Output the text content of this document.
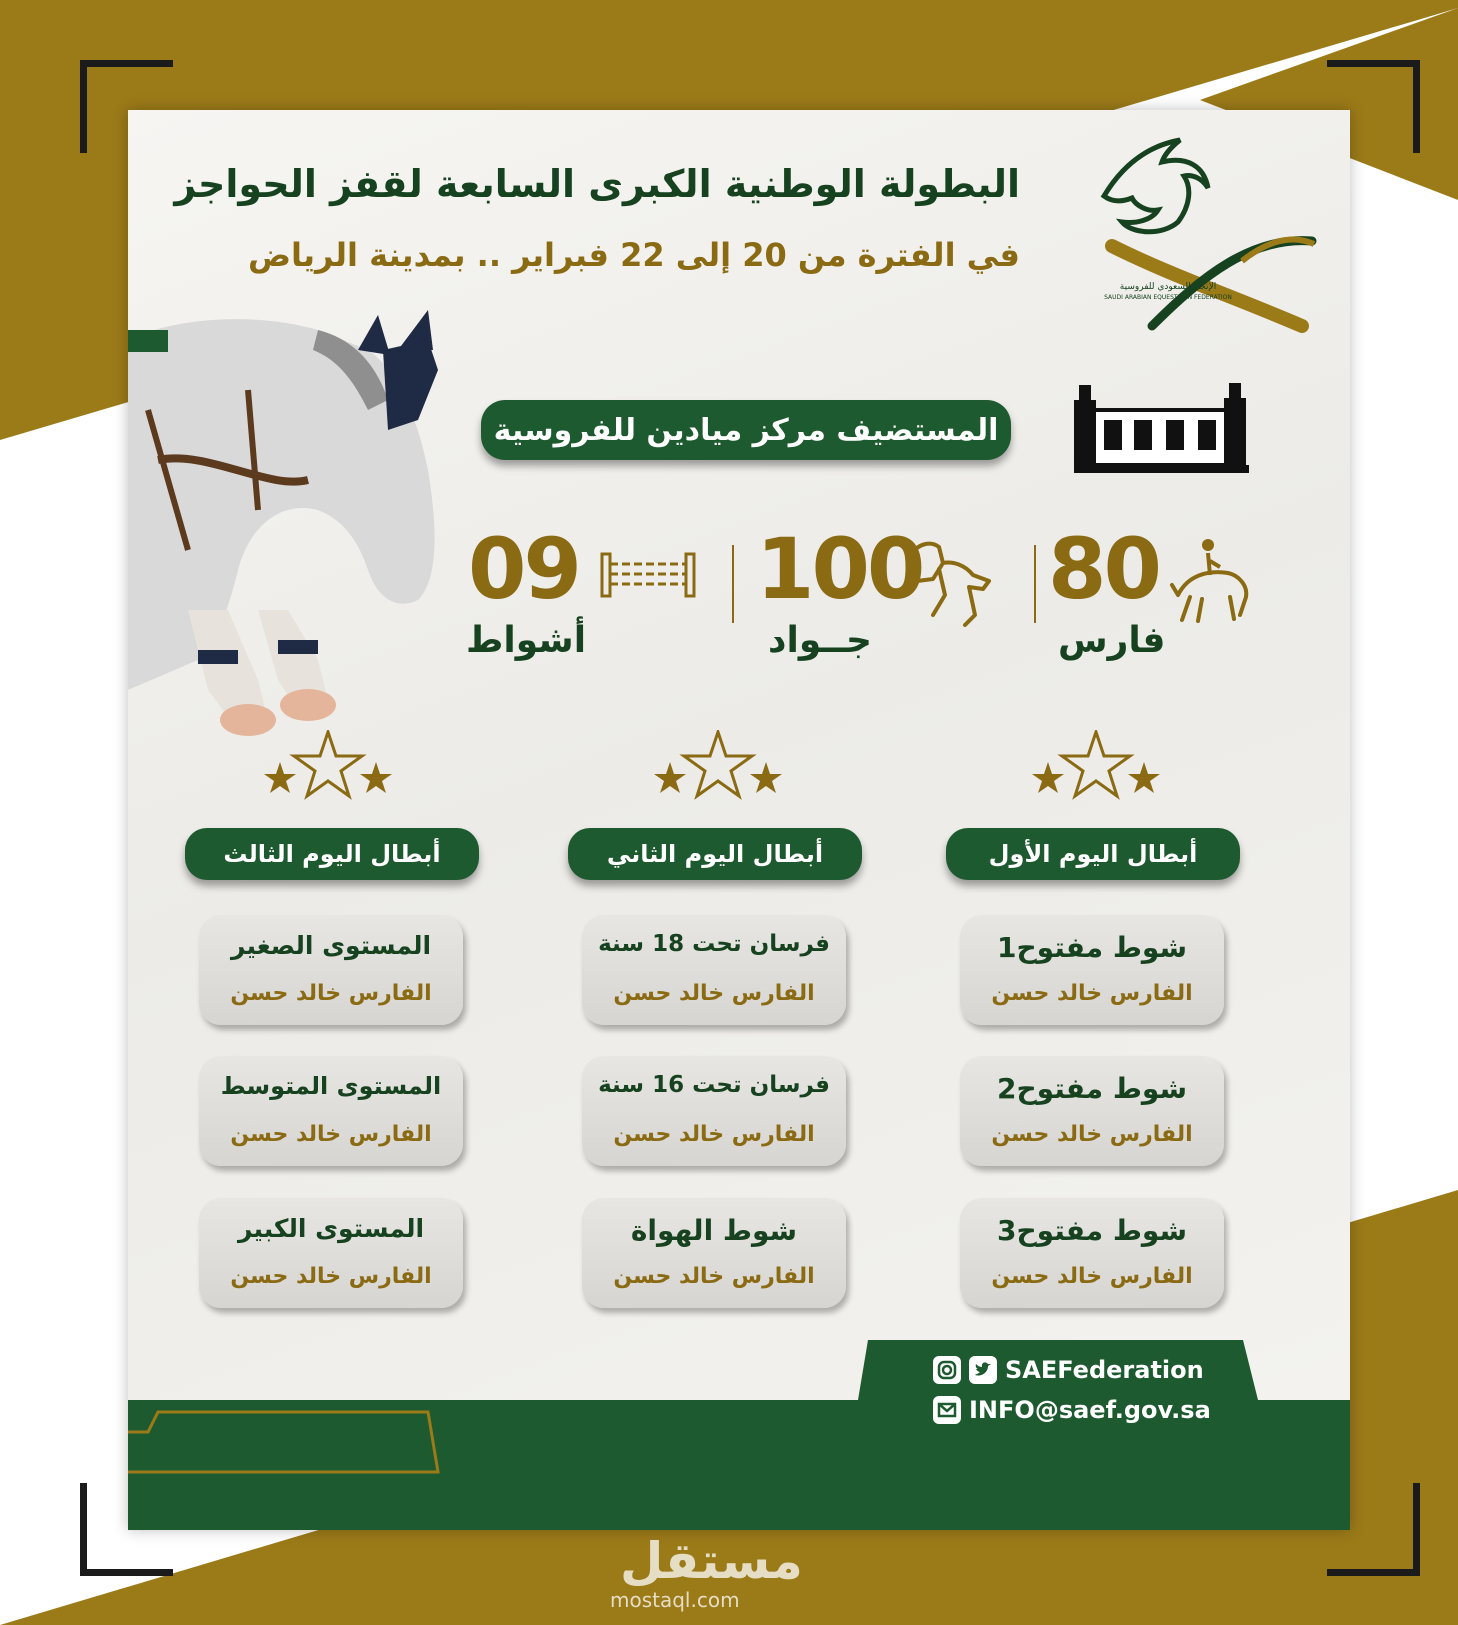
البطولة الوطنية الكبرى السابعة لقفز الحواجز
في الفترة من 20 إلى 22 فبراير .. بمدينة الرياض
الإتحاد السعودي للفروسية
SAUDI ARABIAN EQUESTRIAN FEDERATION
المستضيف مركز ميادين للفروسية
80
فارس
100
جــواد
09
أشواط
أبطال اليوم الأول
أبطال اليوم الثاني
أبطال اليوم الثالث
شوط مفتوح1
الفارس خالد حسن
شوط مفتوح2
الفارس خالد حسن
شوط مفتوح3
الفارس خالد حسن
فرسان تحت 18 سنة
الفارس خالد حسن
فرسان تحت 16 سنة
الفارس خالد حسن
شوط الهواة
الفارس خالد حسن
المستوى الصغير
الفارس خالد حسن
المستوى المتوسط
الفارس خالد حسن
المستوى الكبير
الفارس خالد حسن
SAEFederation
INFO@saef.gov.sa
مستقل
mostaql.com
